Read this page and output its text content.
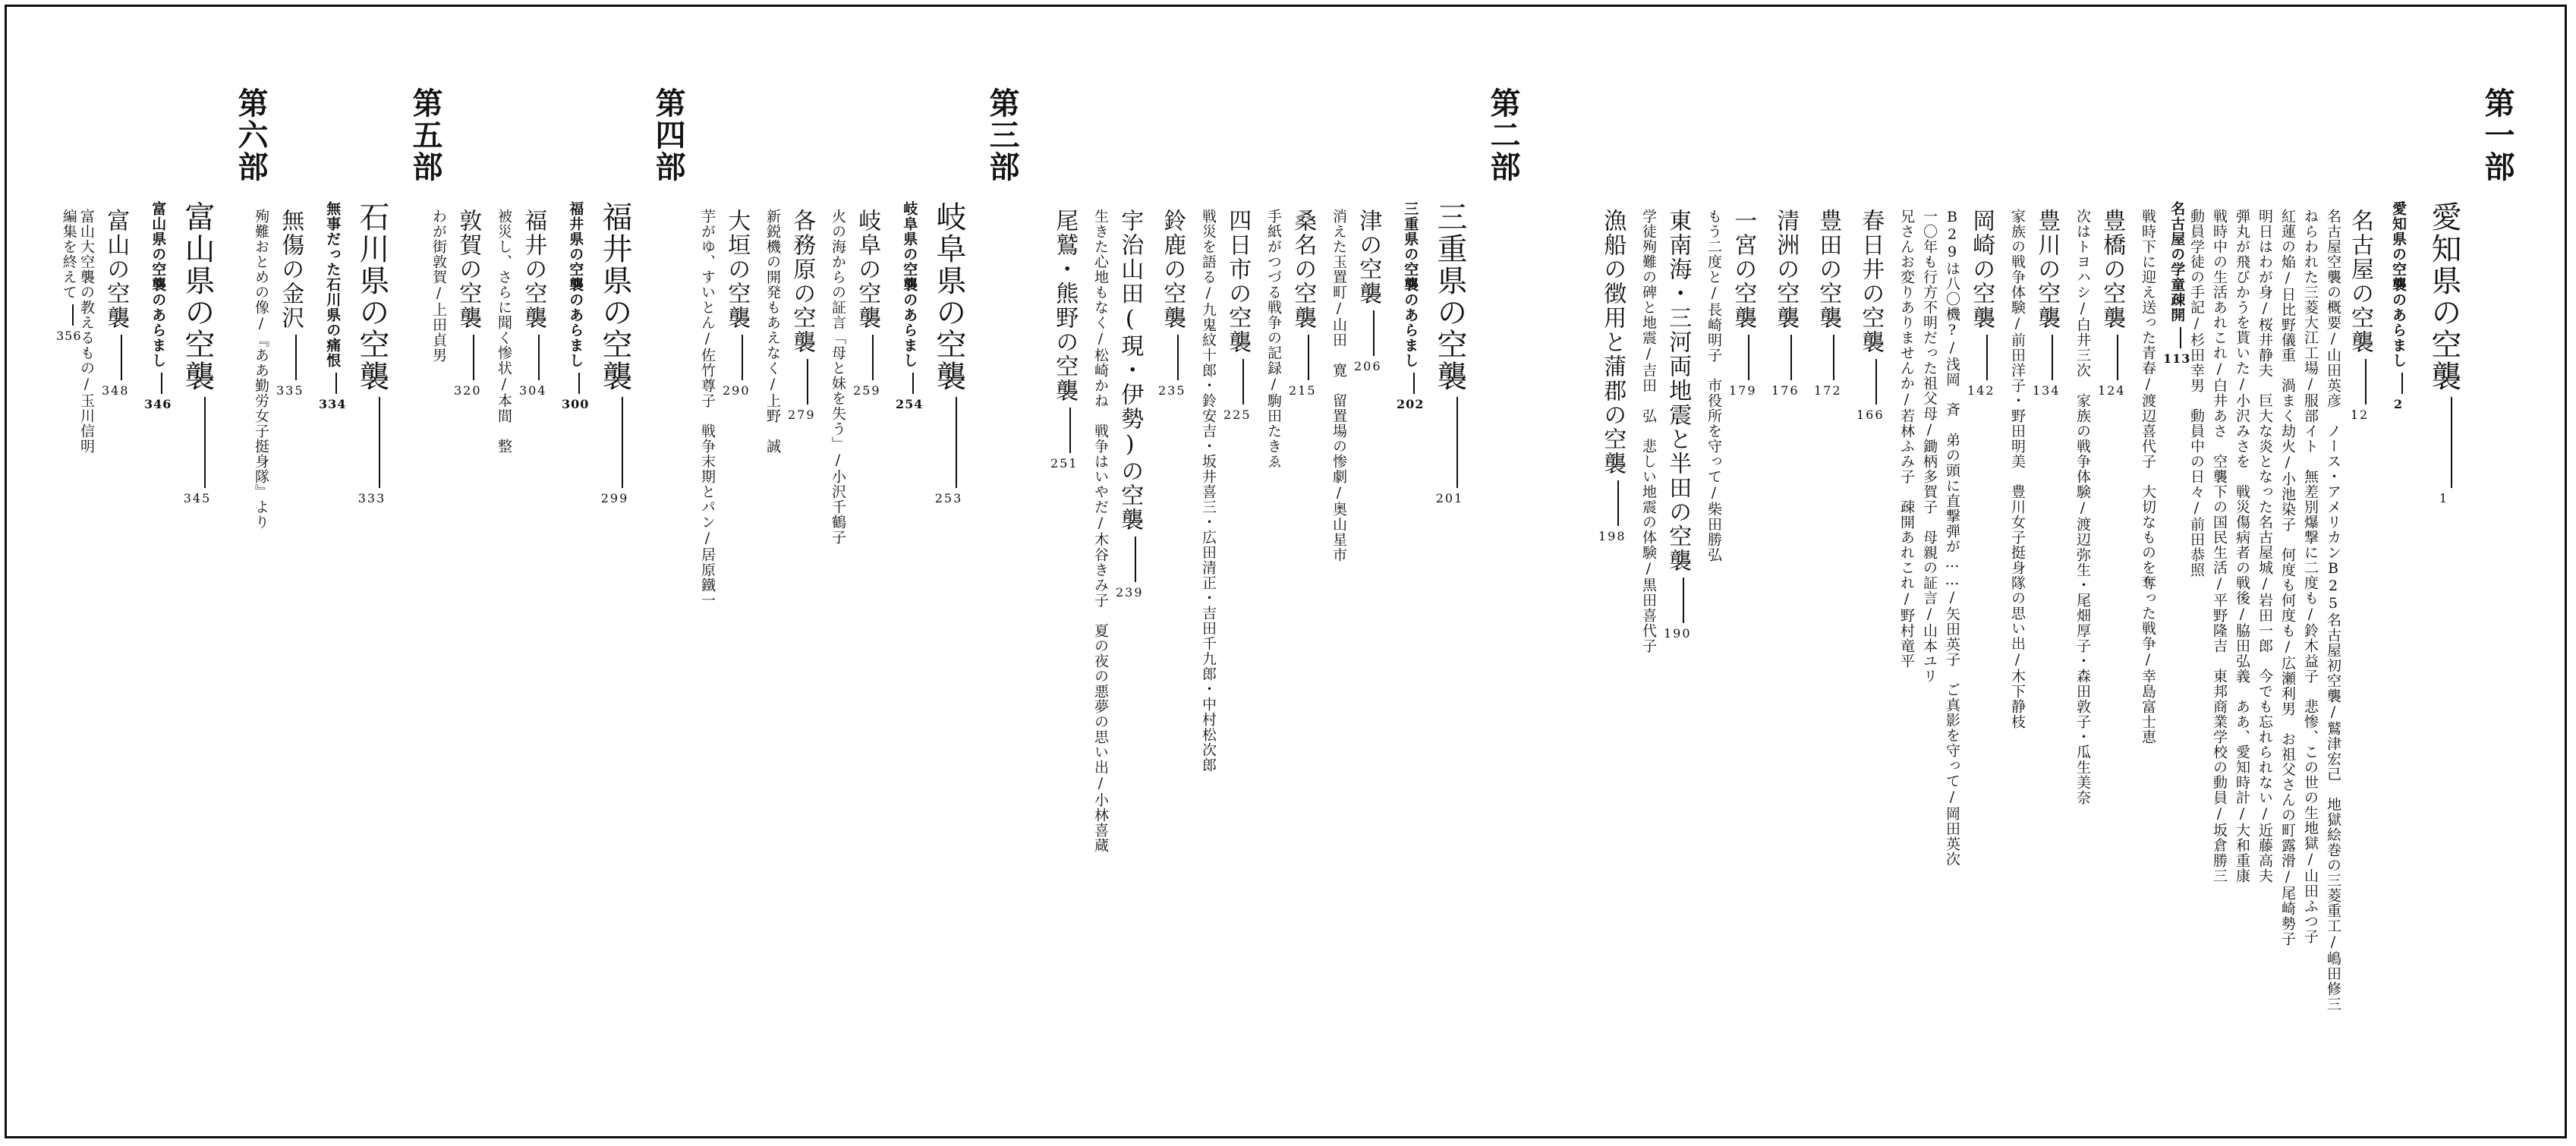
第一部
愛知県の空襲1
愛知県の空襲のあらまし2
名古屋の空襲12
名古屋空襲の概要/山田英彦　ノース・アメリカンB25名古屋初空襲/鷲津宏己　地獄絵巻の三菱重工/嶋田修三
ねらわれた三菱大江工場/服部イト　無差別爆撃に二度も/鈴木益子　悲惨、この世の生地獄/山田ふつ子
紅蓮の焔/日比野儀重　渦まく劫火/小池染子　何度も何度も/広瀬利男　お祖父さんの町露滑/尾崎勢子
明日はわが身/桜井静夫　巨大な炎となった名古屋城/岩田一郎　今でも忘れられない/近藤高夫
弾丸が飛びかうを貰いた/小沢みさを　戦災傷病者の戦後/脇田弘義　ああ、愛知時計/大和重康
戦時中の生活あれこれ/白井あさ　空襲下の国民生活/平野隆吉　東邦商業学校の動員/坂倉勝三
動員学徒の手記/杉田幸男　動員中の日々/前田恭照
名古屋の学童疎開113
戦時下に迎え送った青春/渡辺喜代子　大切なものを奪った戦争/幸島富士恵
豊橋の空襲124
次はトヨハシ/白井三次　家族の戦争体験/渡辺弥生・尾畑厚子・森田敦子・瓜生美奈
豊川の空襲134
家族の戦争体験/前田洋子・野田明美　豊川女子挺身隊の思い出/木下静枝
岡崎の空襲142
B29は八〇機?/浅岡　斉　弟の頭に直撃弾が……/矢田英子　ご真影を守って/岡田英次
一〇年も行方不明だった祖父母/鋤柄多賀子　母親の証言/山本ユリ
兄さんお変りありませんか/若林ふみ子　疎開あれこれ/野村竜平
春日井の空襲166
豊田の空襲172
清洲の空襲176
一宮の空襲179
もう二度と/長崎明子　市役所を守って/柴田勝弘
東南海・三河両地震と半田の空襲190
学徒殉難の碑と地震/吉田　弘　悲しい地震の体験/黒田喜代子
漁船の徴用と蒲郡の空襲198
第二部
三重県の空襲201
三重県の空襲のあらまし202
津の空襲206
消えた玉置町/山田　寛　留置場の惨劇/奥山星市
桑名の空襲215
手紙がつづる戦争の記録/駒田たきゑ
四日市の空襲225
戦災を語る/九鬼紋十郎・鈴安吉・坂井喜三・広田清正・吉田千九郎・中村松次郎
鈴鹿の空襲235
宇治山田(現・伊勢)の空襲239
生きた心地もなく/松崎かね　戦争はいやだ/木谷きみ子　夏の夜の悪夢の思い出/小林喜蔵
尾鷲・熊野の空襲251
第三部
岐阜県の空襲253
岐阜県の空襲のあらまし254
岐阜の空襲259
火の海からの証言「母と妹を失う」/小沢千鶴子
各務原の空襲279
新鋭機の開発もあえなく/上野　誠
大垣の空襲290
芋がゆ、すいとん/佐竹尊子　戦争末期とパン/居原鐵一
第四部
福井県の空襲299
福井県の空襲のあらまし300
福井の空襲304
被災し、さらに聞く惨状/本間　整
敦賀の空襲320
わが街敦賀/上田貞男
第五部
石川県の空襲333
無事だった石川県の痛恨334
無傷の金沢335
殉難おとめの像/『ああ勤労女子挺身隊』より
第六部
富山県の空襲345
富山県の空襲のあらまし346
富山の空襲348
富山大空襲の教えるもの/玉川信明
編集を終えて356
